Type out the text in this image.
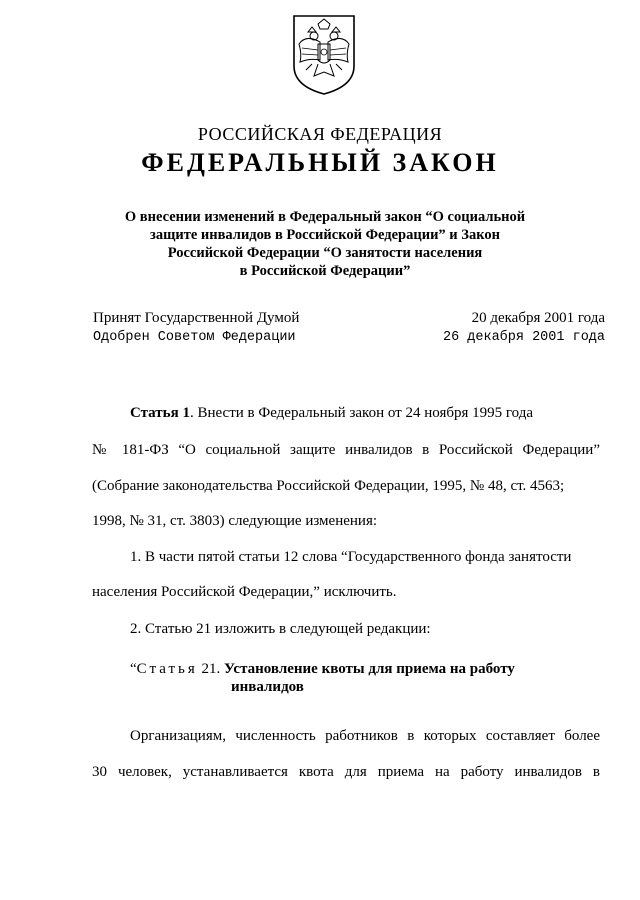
РОССИЙСКАЯ ФЕДЕРАЦИЯ
ФЕДЕРАЛЬНЫЙ ЗАКОН
О внесении изменений в Федеральный закон “О социальной
защите инвалидов в Российской Федерации” и Закон
Российской Федерации “О занятости населения
в Российской Федерации”
Принят Государственной Думой	20 декабря 2001 года
Одобрен Советом Федерации	26 декабря 2001 года
Статья 1. Внести в Федеральный закон от 24 ноября 1995 года
№ 181-ФЗ “О социальной защите инвалидов в Российской Федерации”
(Собрание законодательства Российской Федерации, 1995, № 48, ст. 4563;
1998, № 31, ст. 3803) следующие изменения:
1. В части пятой статьи 12 слова “Государственного фонда занятости
населения Российской Федерации,” исключить.
2. Статью 21 изложить в следующей редакции:
“Статья 21. Установление квоты для приема на работу
инвалидов
Организациям, численность работников в которых составляет более
30 человек, устанавливается квота для приема на работу инвалидов в
